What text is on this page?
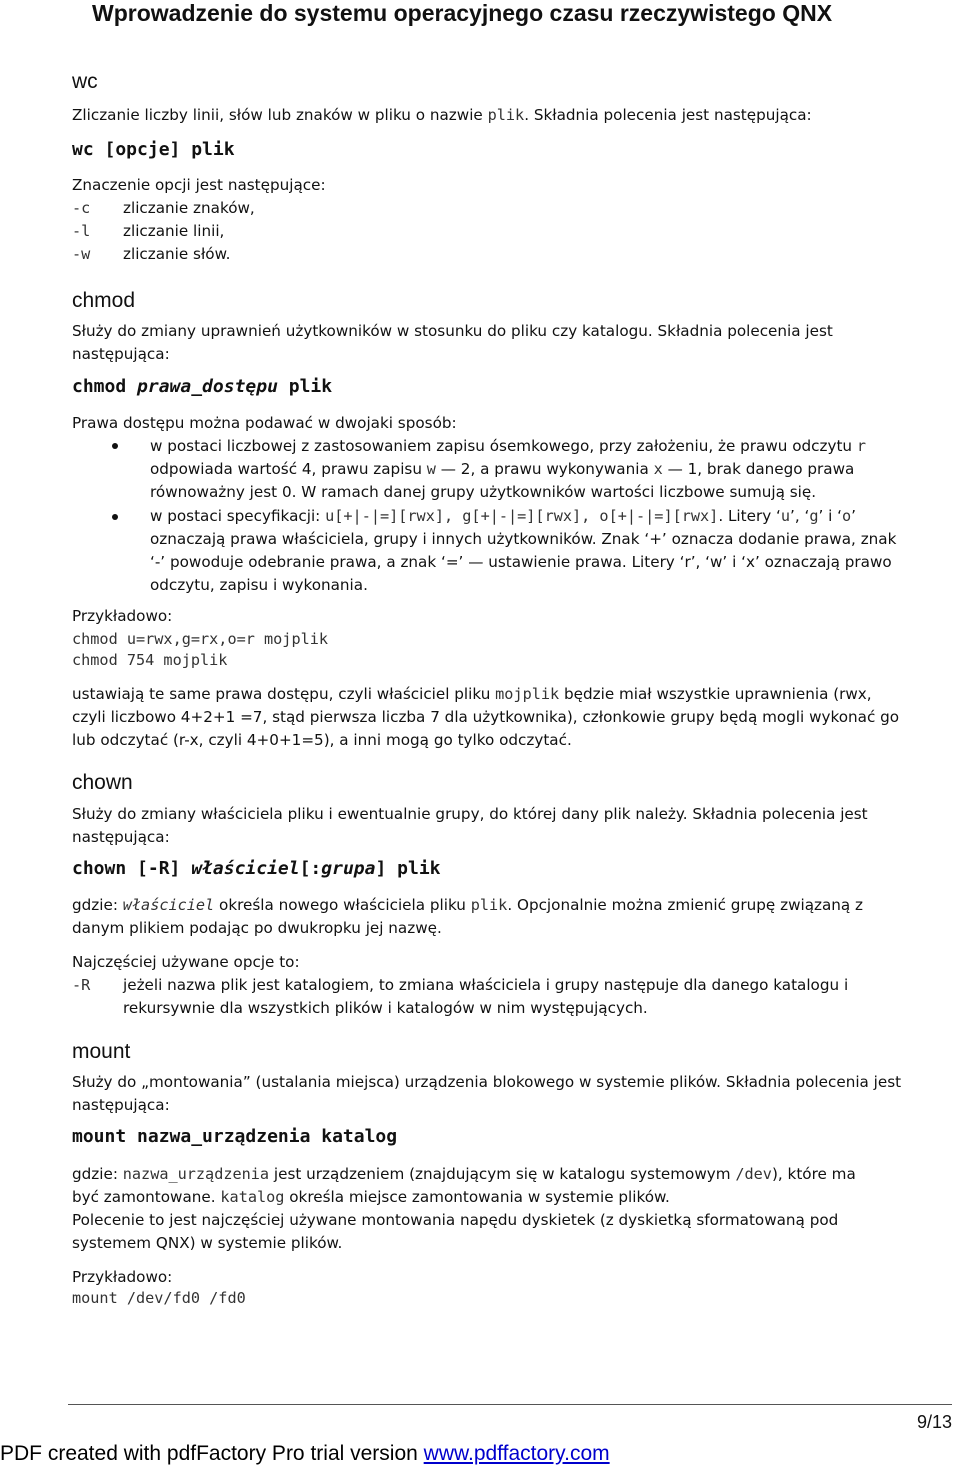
Wprowadzenie do systemu operacyjnego czasu rzeczywistego QNX
wc
Zliczanie liczby linii, słów lub znaków w pliku o nazwie plik. Składnia polecenia jest następująca:
wc [opcje] plik
Znaczenie opcji jest następujące:
-c zliczanie znaków,
-l zliczanie linii,
-w zliczanie słów.
chmod
Służy do zmiany uprawnień użytkowników w stosunku do pliku czy katalogu. Składnia polecenia jest
następująca:
chmod prawa_dostępu plik
Prawa dostępu można podawać w dwojaki sposób:
w postaci liczbowej z zastosowaniem zapisu ósemkowego, przy założeniu, że prawu odczytu r
odpowiada wartość 4, prawu zapisu w — 2, a prawu wykonywania x — 1, brak danego prawa
równoważny jest 0. W ramach danej grupy użytkowników wartości liczbowe sumują się.
w postaci specyfikacji: u[+|-|=][rwx], g[+|-|=][rwx], o[+|-|=][rwx]. Litery ‘u’, ‘g’ i ‘o’
oznaczają prawa właściciela, grupy i innych użytkowników. Znak ‘+’ oznacza dodanie prawa, znak
‘-’ powoduje odebranie prawa, a znak ‘=’ — ustawienie prawa. Litery ‘r’, ‘w’ i ‘x’ oznaczają prawo
odczytu, zapisu i wykonania.
Przykładowo:
chmod u=rwx,g=rx,o=r mojplik
chmod 754 mojplik
ustawiają te same prawa dostępu, czyli właściciel pliku mojplik będzie miał wszystkie uprawnienia (rwx,
czyli liczbowo 4+2+1 =7, stąd pierwsza liczba 7 dla użytkownika), członkowie grupy będą mogli wykonać go
lub odczytać (r-x, czyli 4+0+1=5), a inni mogą go tylko odczytać.
chown
Służy do zmiany właściciela pliku i ewentualnie grupy, do której dany plik należy. Składnia polecenia jest
następująca:
chown [-R] właściciel[:grupa] plik
gdzie: właściciel określa nowego właściciela pliku plik. Opcjonalnie można zmienić grupę związaną z
danym plikiem podając po dwukropku jej nazwę.
Najczęściej używane opcje to:
-R jeżeli nazwa plik jest katalogiem, to zmiana właściciela i grupy następuje dla danego katalogu i
rekursywnie dla wszystkich plików i katalogów w nim występujących.
mount
Służy do „montowania” (ustalania miejsca) urządzenia blokowego w systemie plików. Składnia polecenia jest
następująca:
mount nazwa_urządzenia katalog
gdzie: nazwa_urządzenia jest urządzeniem (znajdującym się w katalogu systemowym /dev), które ma
być zamontowane. katalog określa miejsce zamontowania w systemie plików.
Polecenie to jest najczęściej używane montowania napędu dyskietek (z dyskietką sformatowaną pod
systemem QNX) w systemie plików.
Przykładowo:
mount /dev/fd0 /fd0
9/13
PDF created with pdfFactory Pro trial version www.pdffactory.com
